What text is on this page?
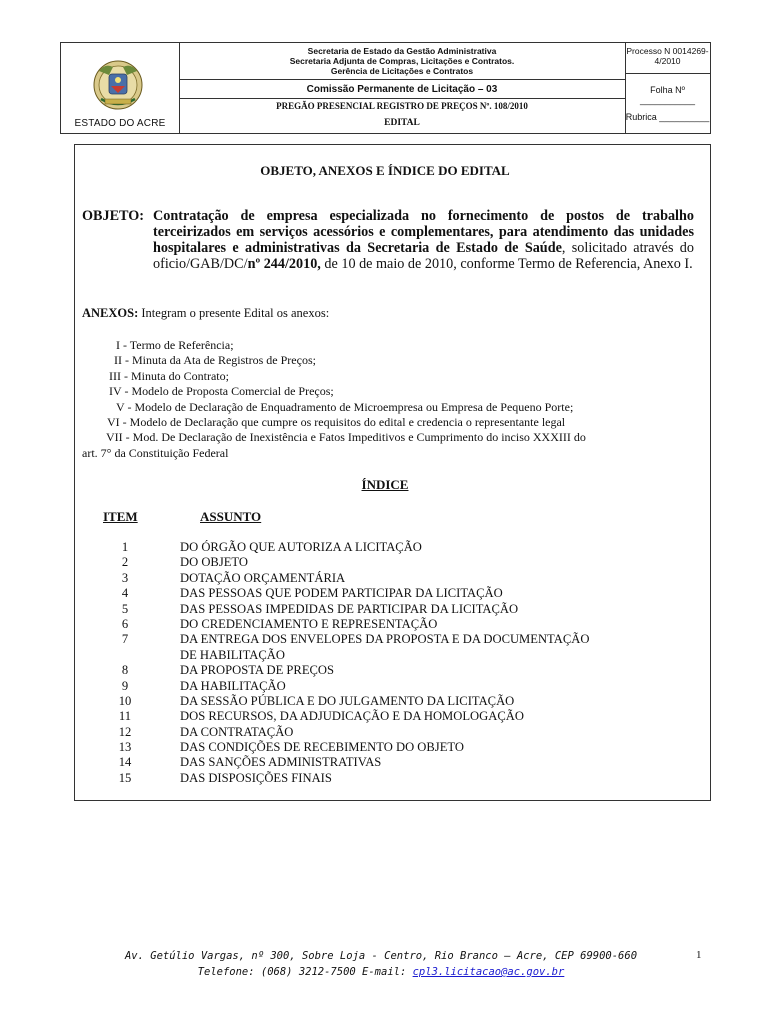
ESTADO DO ACRE
Secretaria de Estado da Gestão Administrativa
Secretaria Adjunta de Compras, Licitações e Contratos.
Gerência de Licitações e Contratos
Comissão Permanente de Licitação – 03
PREGÃO PRESENCIAL REGISTRO DE PREÇOS Nº. 108/2010
EDITAL
Processo N 0014269-4/2010
Folha Nº ___________
Rubrica __________
OBJETO, ANEXOS E ÍNDICE DO EDITAL
OBJETO: Contratação de empresa especializada no fornecimento de postos de trabalho terceirizados em serviços acessórios e complementares, para atendimento das unidades hospitalares e administrativas da Secretaria de Estado de Saúde, solicitado através do oficio/GAB/DC/nº 244/2010, de 10 de maio de 2010, conforme Termo de Referencia, Anexo I.
ANEXOS: Integram o presente Edital os anexos:
I - Termo de Referência;
II - Minuta da Ata de Registros de Preços;
III - Minuta do Contrato;
IV - Modelo de Proposta Comercial de Preços;
V - Modelo de Declaração de Enquadramento de Microempresa ou Empresa de Pequeno Porte;
VI - Modelo de Declaração que cumpre os requisitos do edital e credencia o representante legal
VII - Mod. De Declaração de Inexistência e Fatos Impeditivos e Cumprimento do inciso XXXIII do
art. 7° da Constituição Federal
ÍNDICE
ITEM	ASSUNTO
1	DO ÓRGÃO QUE AUTORIZA A LICITAÇÃO
2	DO OBJETO
3	DOTAÇÃO ORÇAMENTÁRIA
4	DAS PESSOAS QUE PODEM PARTICIPAR DA LICITAÇÃO
5	DAS PESSOAS IMPEDIDAS DE PARTICIPAR DA LICITAÇÃO
6	DO CREDENCIAMENTO E REPRESENTAÇÃO
7	DA ENTREGA DOS ENVELOPES DA PROPOSTA E DA DOCUMENTAÇÃO
DE HABILITAÇÃO
8	DA PROPOSTA DE PREÇOS
9	DA HABILITAÇÃO
10	DA SESSÃO PÚBLICA E DO JULGAMENTO DA LICITAÇÃO
11	DOS RECURSOS, DA ADJUDICAÇÃO E DA HOMOLOGAÇÃO
12	DA CONTRATAÇÃO
13	DAS CONDIÇÕES DE RECEBIMENTO DO OBJETO
14	DAS SANÇÕES ADMINISTRATIVAS
15	DAS DISPOSIÇÕES FINAIS
Av. Getúlio Vargas, nº 300, Sobre Loja - Centro, Rio Branco – Acre, CEP 69900-660
Telefone: (068) 3212-7500 E-mail: cpl3.licitacao@ac.gov.br
1
